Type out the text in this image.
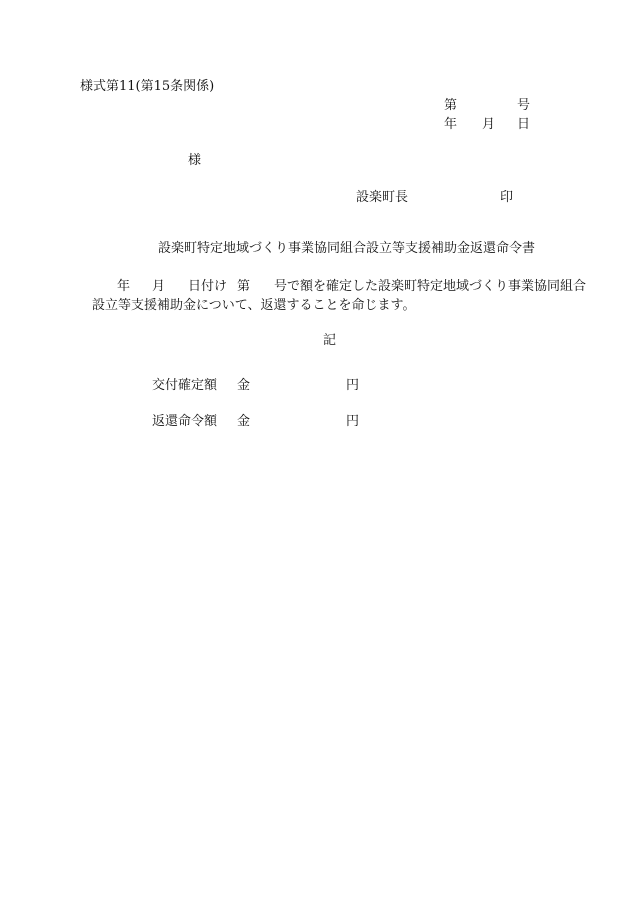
様式第11(第15条関係)
第	号
年 月 日
様
設楽町長	印
設楽町特定地域づくり事業協同組合設立等支援補助金返還命令書
年 月 日付け 第 号で額を確定した設楽町特定地域づくり事業協同組合
設立等支援補助金について、返還することを命じます。
記
交付確定額 金	円
返還命令額 金	円
